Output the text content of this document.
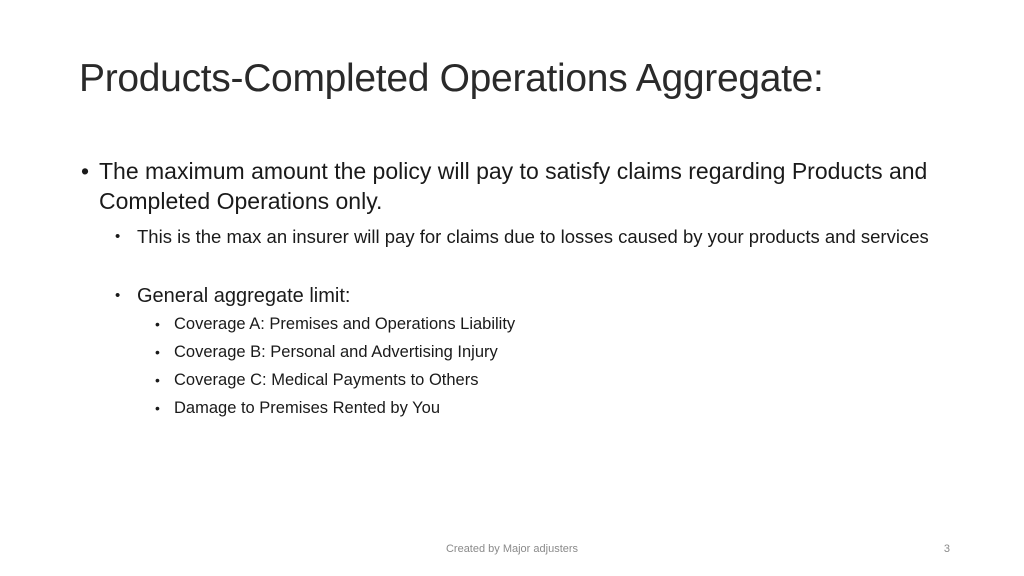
Products-Completed Operations Aggregate:
• The maximum amount the policy will pay to satisfy claims regarding Products and Completed Operations only.
• This is the max an insurer will pay for claims due to losses caused by your products and services
• General aggregate limit:
• Coverage A: Premises and Operations Liability
• Coverage B: Personal and Advertising Injury
• Coverage C: Medical Payments to Others
• Damage to Premises Rented by You
Created by Major adjusters	3
